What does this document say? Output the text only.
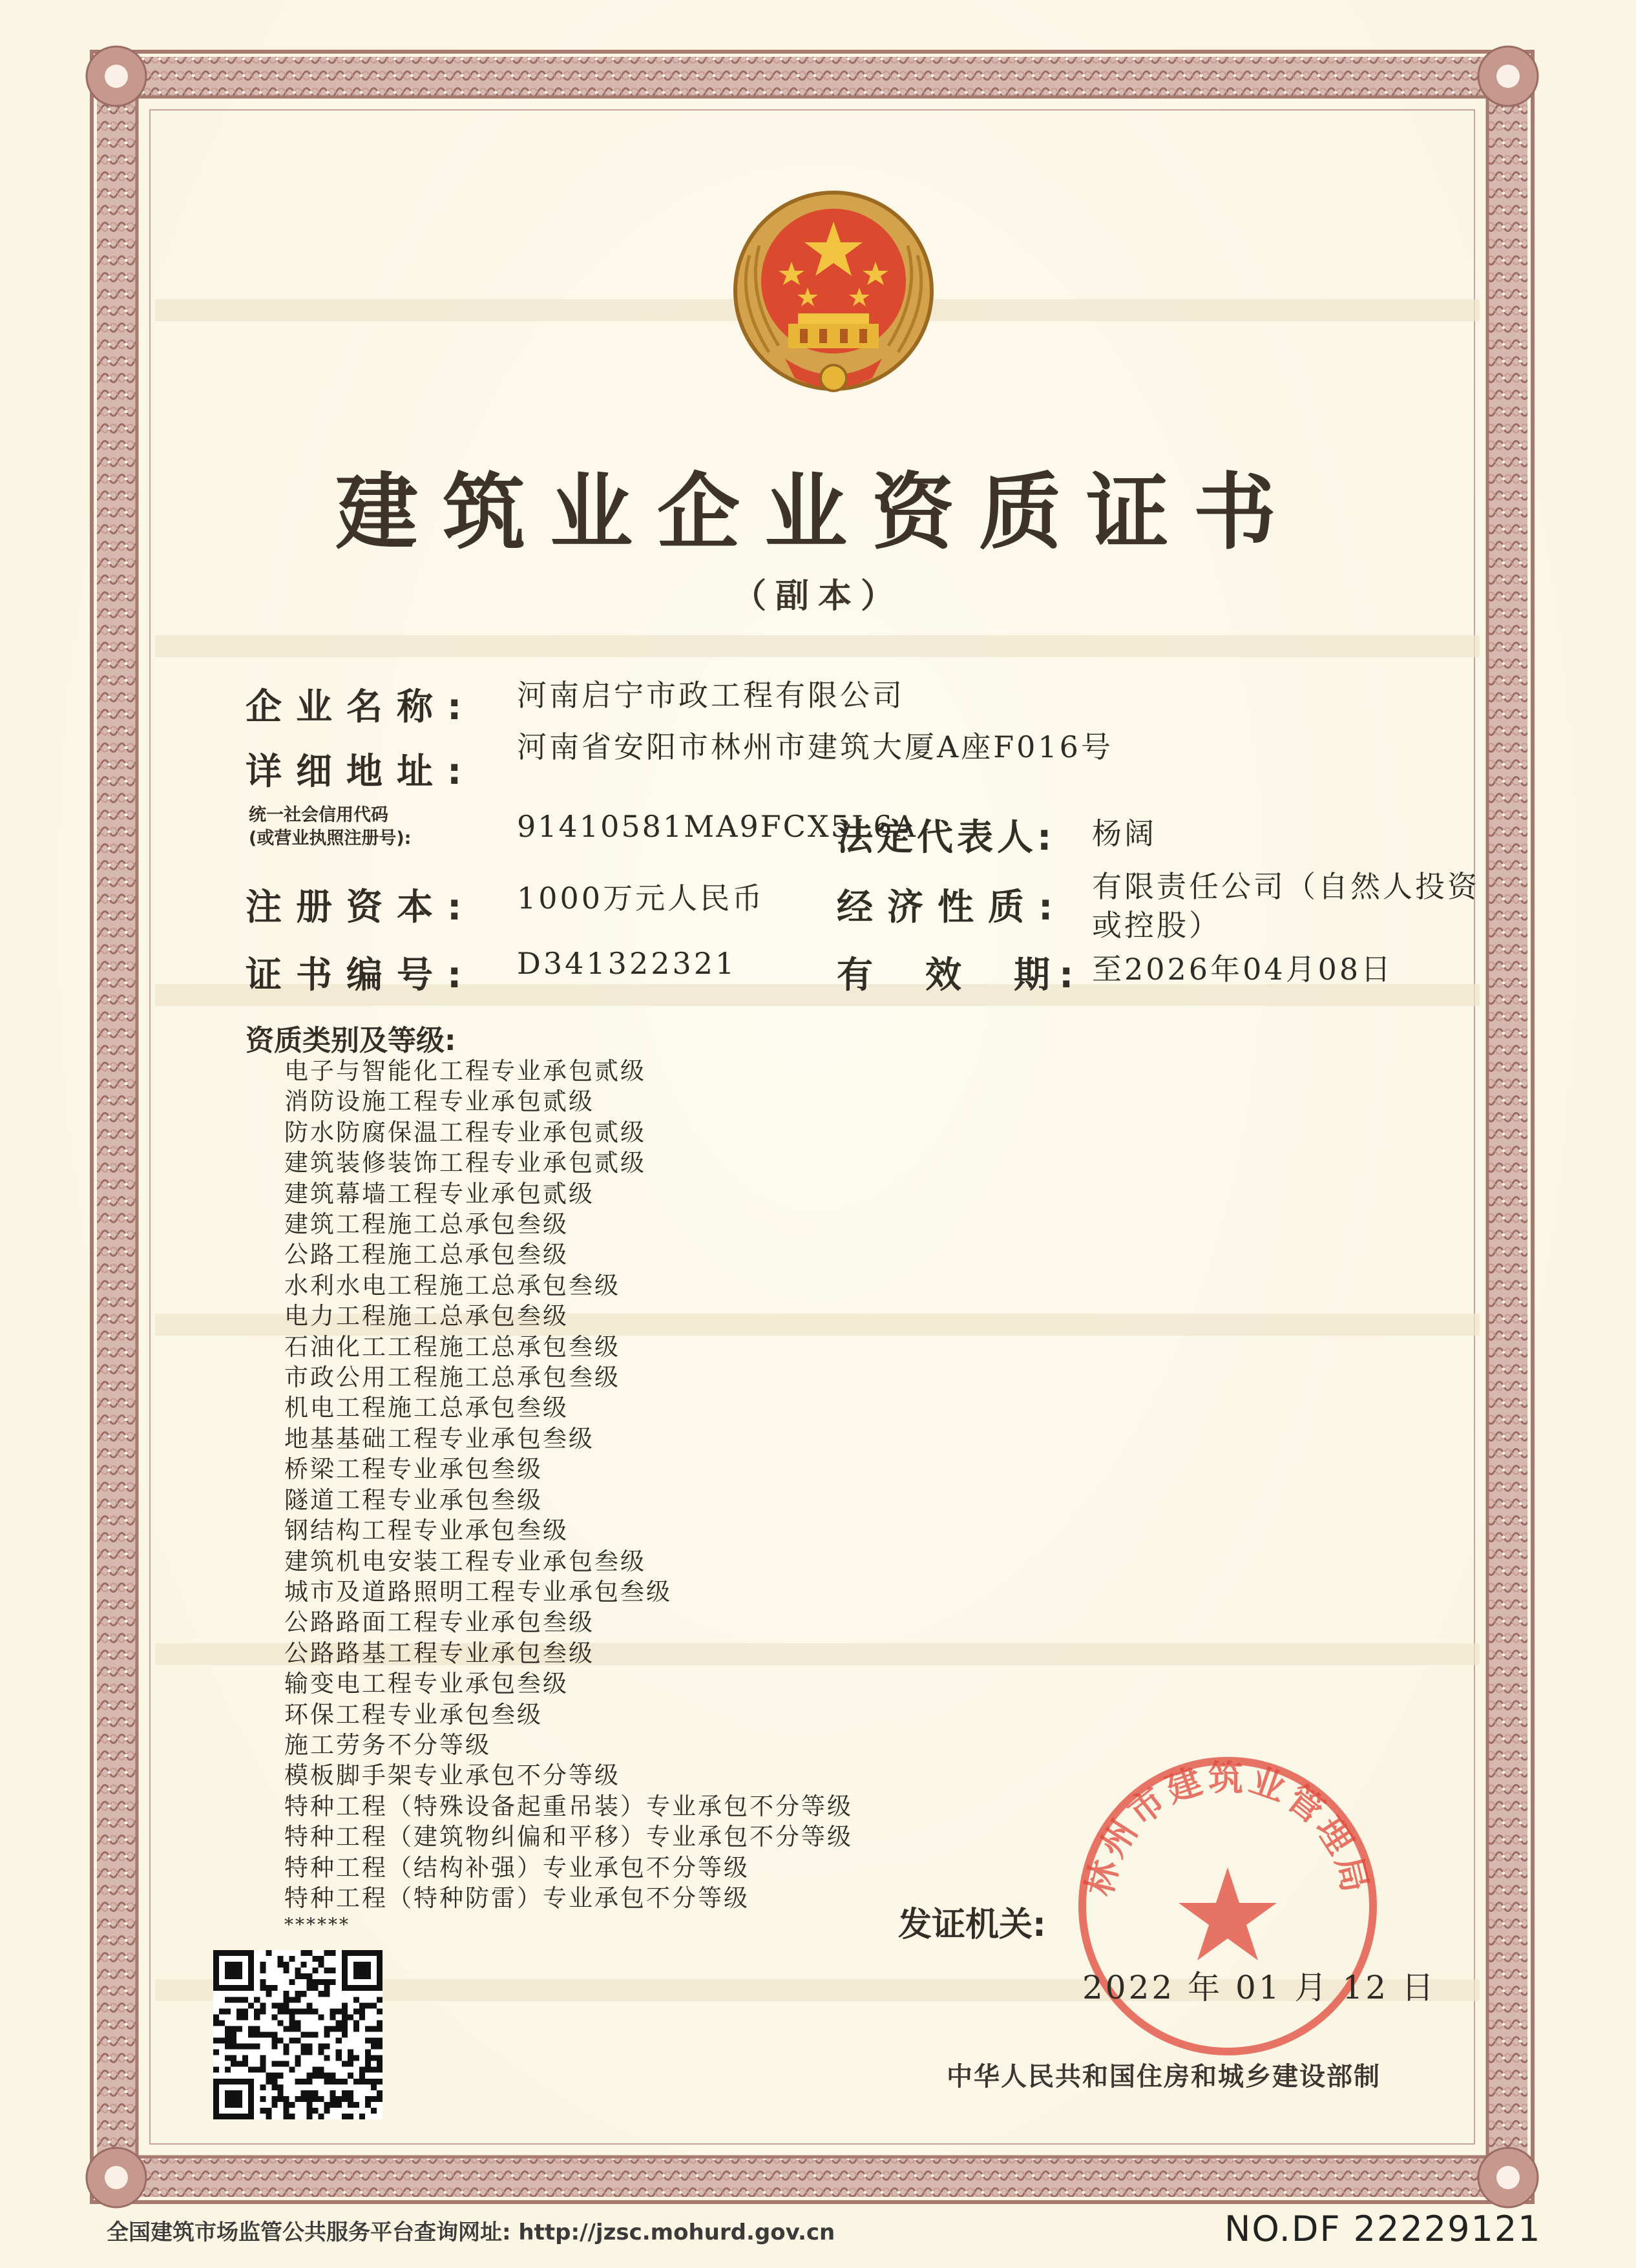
建筑业企业资质证书
（副本）
企业名称: 河南启宁市政工程有限公司
详细地址:
河南省安阳市林州市建筑大厦A座F016号
统一社会信用代码
(或营业执照注册号):	91410581MA9FCX5L6A
法定代表人: 杨阔
注册资本: 1000万元人民币 经济性质: 有限责任公司（自然人投资
或控股）
证书编号: D341322321	有  效  期: 至2026年04月08日
资质类别及等级:
电子与智能化工程专业承包贰级
消防设施工程专业承包贰级
防水防腐保温工程专业承包贰级
建筑装修装饰工程专业承包贰级
建筑幕墙工程专业承包贰级
建筑工程施工总承包叁级
公路工程施工总承包叁级
水利水电工程施工总承包叁级
电力工程施工总承包叁级
石油化工工程施工总承包叁级
市政公用工程施工总承包叁级
机电工程施工总承包叁级
地基基础工程专业承包叁级
桥梁工程专业承包叁级
隧道工程专业承包叁级
钢结构工程专业承包叁级
建筑机电安装工程专业承包叁级
城市及道路照明工程专业承包叁级
公路路面工程专业承包叁级
公路路基工程专业承包叁级
输变电工程专业承包叁级
环保工程专业承包叁级
施工劳务不分等级
模板脚手架专业承包不分等级
特种工程（特殊设备起重吊装）专业承包不分等级
特种工程（建筑物纠偏和平移）专业承包不分等级
特种工程（结构补强）专业承包不分等级
特种工程（特种防雷）专业承包不分等级
******	发证机关:
林州市建筑业管理局
2022 年 01 月 12 日
中华人民共和国住房和城乡建设部制
全国建筑市场监管公共服务平台查询网址: http://jzsc.mohurd.gov.cn	NO.DF 22229121
